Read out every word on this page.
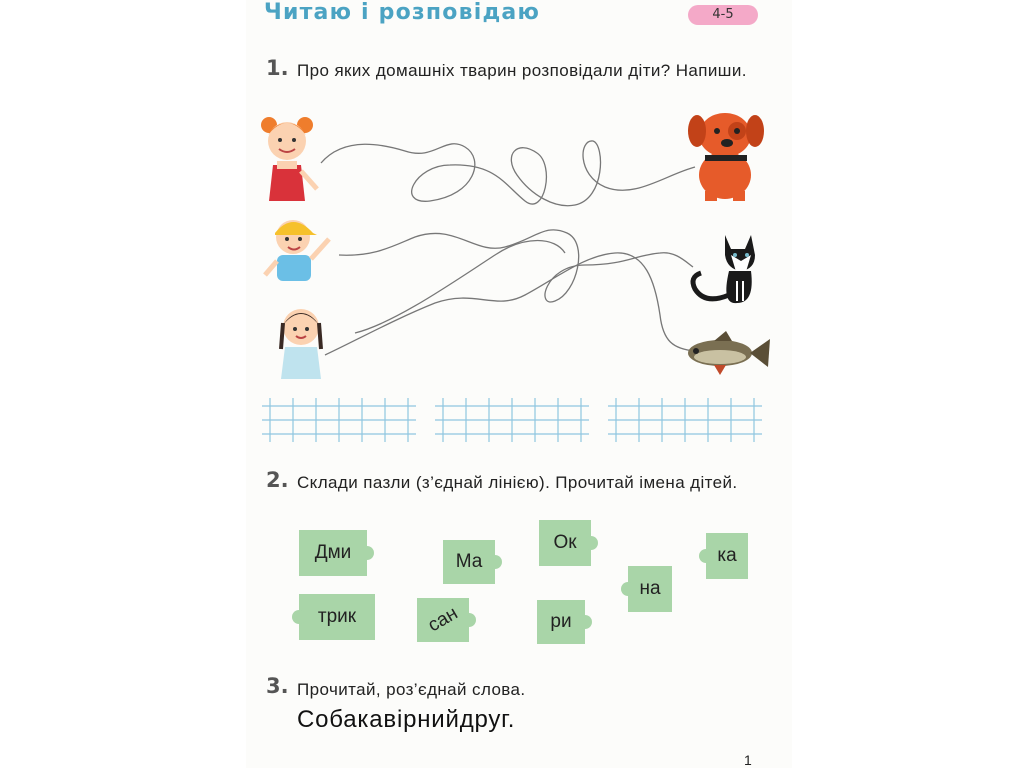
Читаю і розповідаю	4-5
1. Про яких домашніх тварин розповідали діти? Напиши.
2. Склади пазли (з’єднай лінією). Прочитай імена дітей.
Дми	Ма
Ок
ка
на
трик	сан	ри
3. Прочитай, роз’єднай слова.
Собакавірнийдруг.
1
